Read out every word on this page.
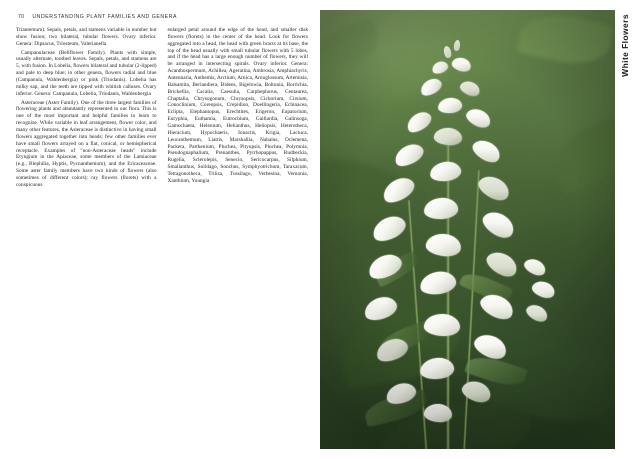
70 UNDERSTANDING PLANT FAMILIES AND GENERA

Triantemum). Sepals, petals, and stamens variable in number but show fusion; two bilateral, tubular flowers. Ovary inferior. Genera: Dipsacus, Triosteum, Valerianella

Campanulaceae (Bellflower Family). Plants with simple, usually alternate, toothed leaves. Sepals, petals, and stamens are 5, with fusion. In Lobelia, flowers bilateral and tubular (2-lipped) and pale to deep blue; in other genera, flowers radial and blue (Campanula, Wahlenbergia) or pink (Triodanis). Lobelia has milky sap, and the teeth are tipped with whitish calluses. Ovary inferior. Genera: Campanula, Lobelia, Triodanis, Wahlenbergia

Asteraceae (Aster Family). One of the three largest families of flowering plants and abundantly represented in our flora. This is one of the most important and helpful families to learn to recognize. While variable in leaf arrangement, flower color, and many other features, the Asteraceae is distinctive in having small flowers aggregated together into heads; few other families ever have small flowers arrayed on a flat, conical, or hemispherical receptacle. Examples of "non-Asteraceae heads" include Eryngium in the Apiaceae, some members of the Lamiaceae (e.g., Blephilia, Hyptis, Pycnanthemum), and the Ericaceaceae. Some aster family members have two kinds of flowers (also sometimes of different colors); ray flowers (florets) with a conspicuous

enlarged petal around the edge of the head, and smaller disk flowers (florets) in the center of the head. Look for flowers aggregated into a head, the head with green bracts at its base, the top of the head usually with small tubular flowers with 5 lobes, and if the head has a large enough number of flowers, they will be arranged in intersecting spirals. Ovary inferior. Genera: Acanthospermum, Achillea, Ageratina, Ambrosia, Amphiachyris, Antennaria, Anthemis, Arctium, Arnica, Arnoglossum, Artemisia, Balsamita, Berlandiera, Bidens, Bigelowia, Boltonia, Borrichia, Brickellia, Cacalia, Caesulia, Carphephorus, Centaurea, Chaptalia, Chrysogonum, Chrysopsis, Cichorium, Cirsium, Conoclinium, Coreopsis, Crepidion, Doellingeria, Echinacea, Eclipta, Elephantopus, Erechtites, Erigeron, Eupatorium, Euryphia, Euthamia, Eutrochium, Gaillardia, Galinsoga, Gamochaeta, Helenium, Helianthus, Heliopsis, Heterotheca, Hieracium, Hypochaeris, Ionactis, Krigia, Lactuca, Leucanthemum, Liatris, Marshallia, Nabalus, Oclemena, Packera, Parthenium, Pluchea, Pityopsis, Pluchea, Polymnia, Pseudognaphalium, Prenanthes, Pyrrhopappus, Rudbeckia, Rugelia, Sclerolepis, Senecio, Sericocarpus, Silphium, Smallanthus, Solidago, Sonchus, Symphyotrichum, Taraxacum, Tetragonotheca, Trilisa, Tussilago, Verbesina, Vernonia, Xanthium, Youngia

White Flowers
